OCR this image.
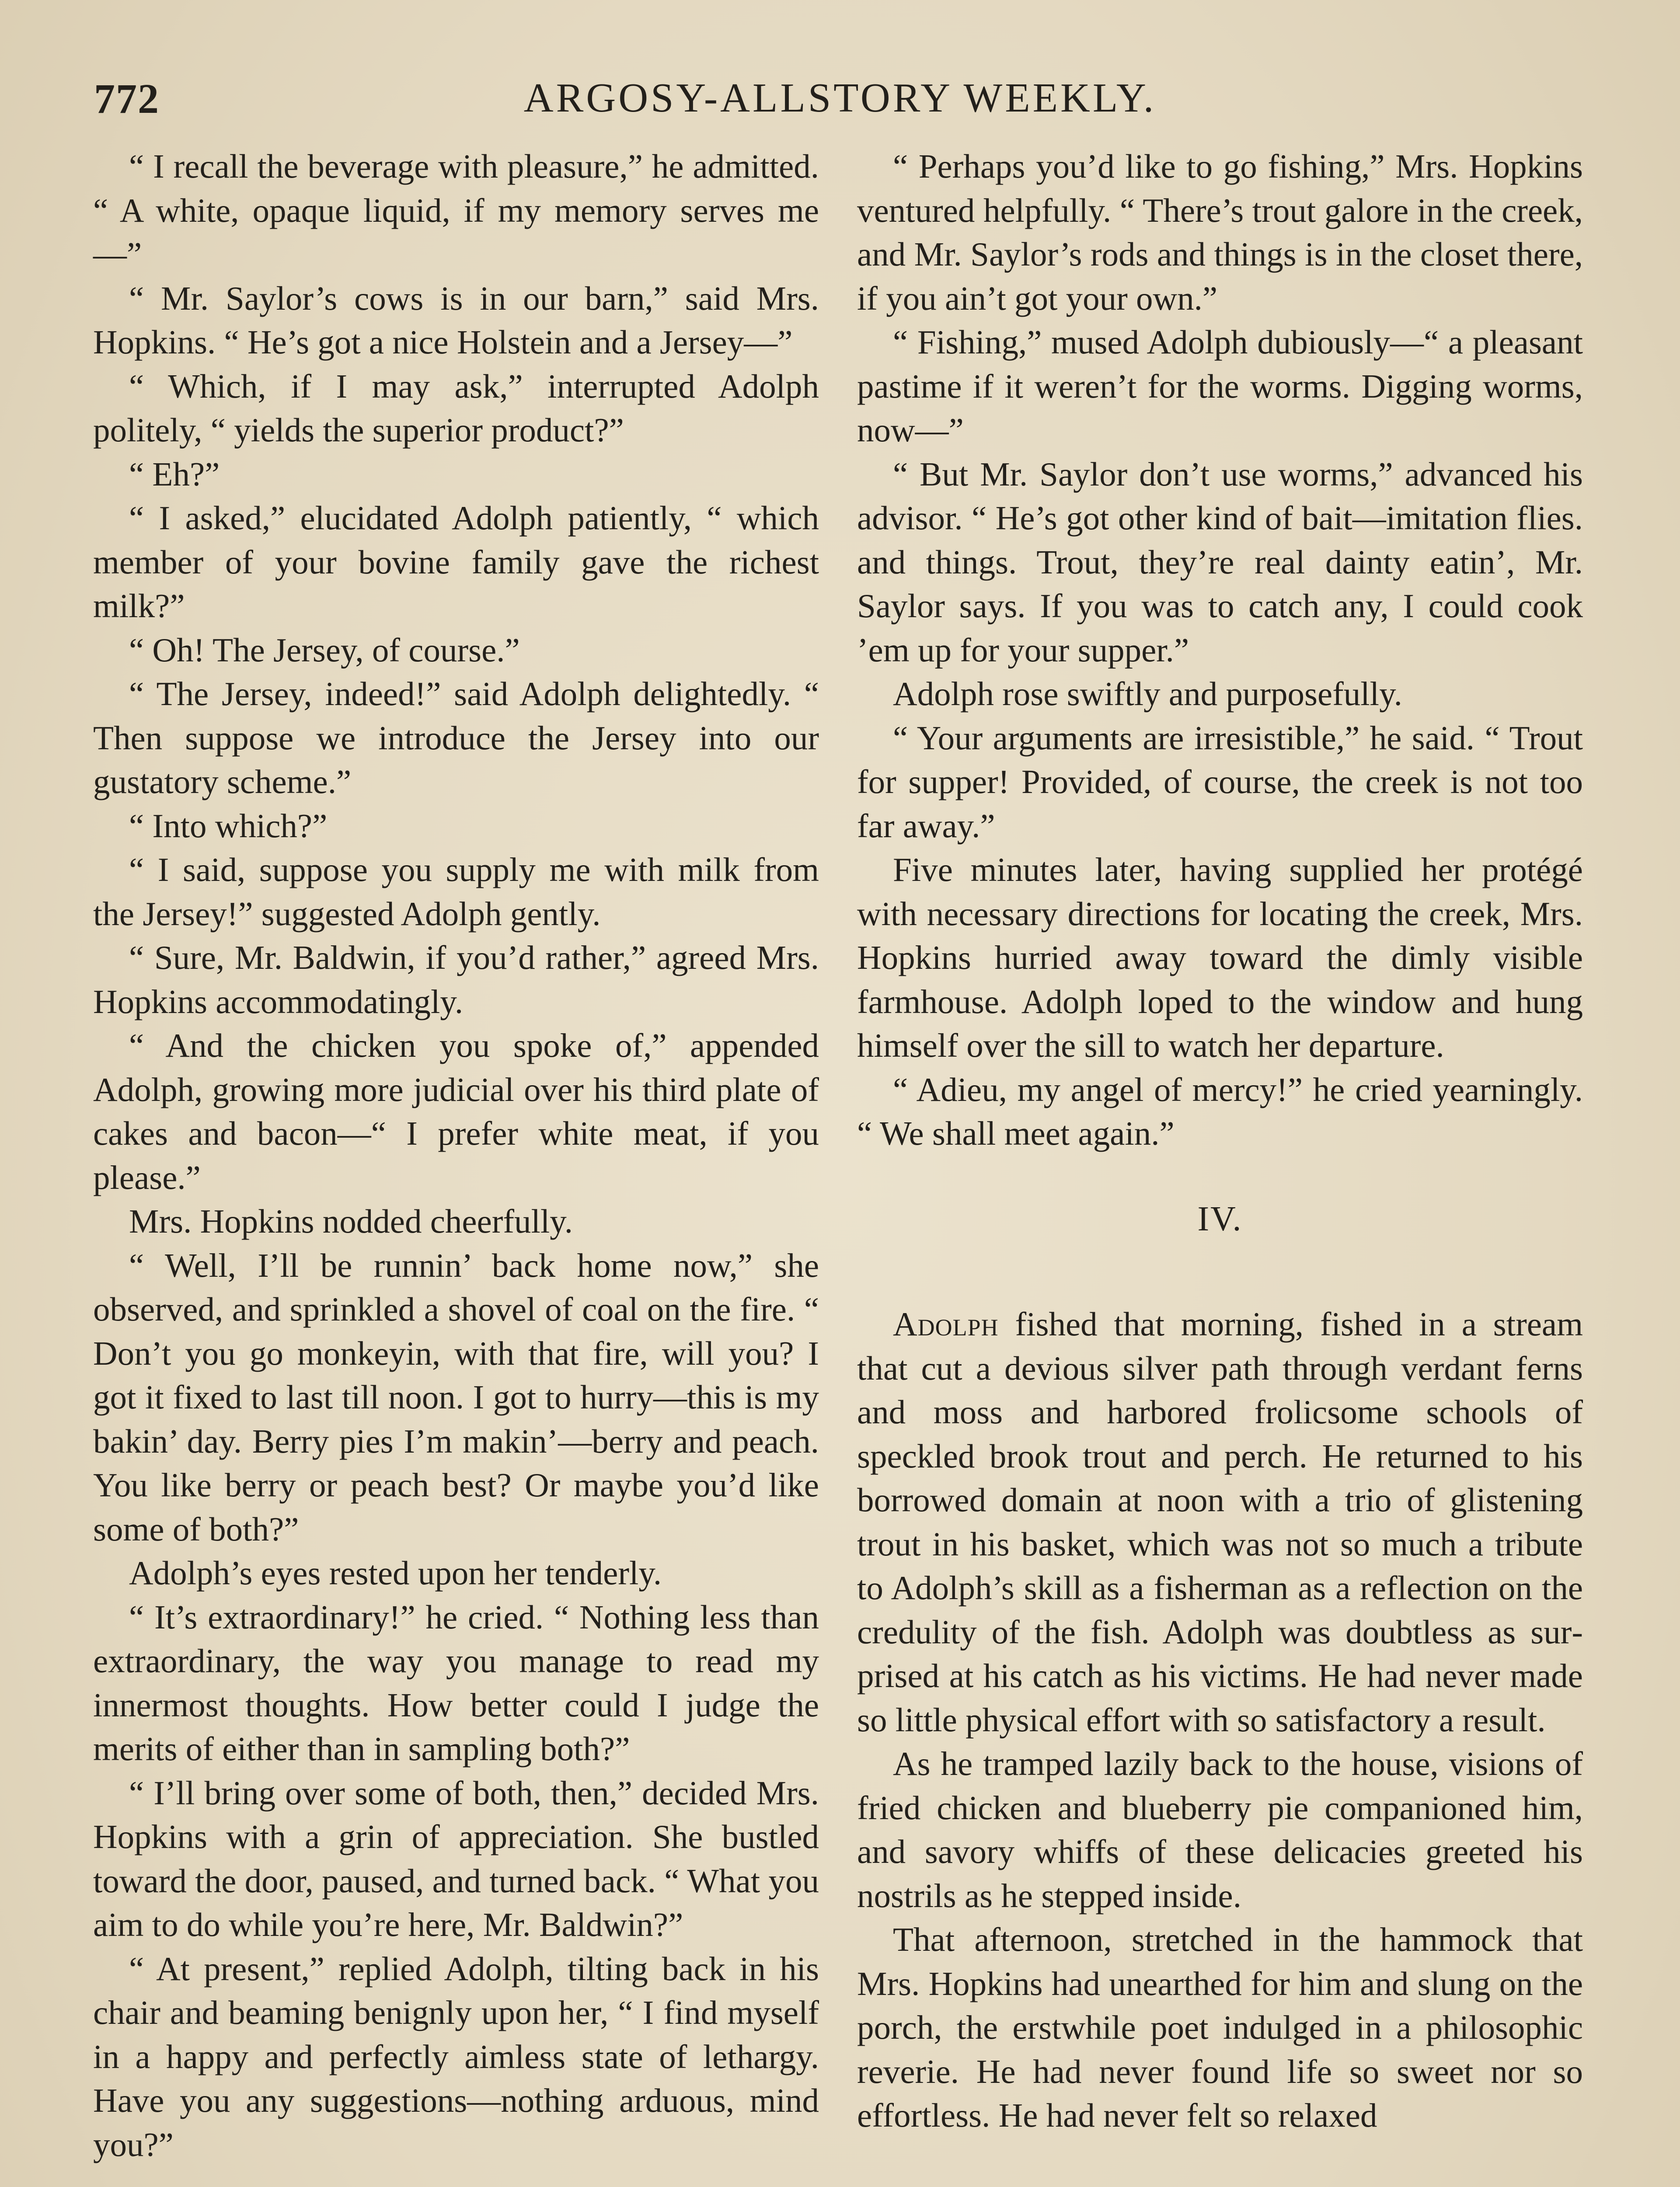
772	ARGOSY-ALLSTORY WEEKLY.

“ I recall the beverage with pleasure,” he admitted. “ A white, opaque liquid, if my memory serves me—”

“ Mr. Saylor’s cows is in our barn,” said Mrs. Hopkins. “ He’s got a nice Holstein and a Jersey—”

“ Which, if I may ask,” interrupted Adolph politely, “ yields the superior product?”

“ Eh?”

“ I asked,” elucidated Adolph patiently, “ which member of your bovine family gave the richest milk?”

“ Oh! The Jersey, of course.”

“ The Jersey, indeed!” said Adolph delightedly. “ Then suppose we introduce the Jersey into our gustatory scheme.”

“ Into which?”

“ I said, suppose you supply me with milk from the Jersey!” suggested Adolph gently.

“ Sure, Mr. Baldwin, if you’d rather,” agreed Mrs. Hopkins accommodatingly.

“ And the chicken you spoke of,” appended Adolph, growing more judicial over his third plate of cakes and bacon—“ I prefer white meat, if you please.”

Mrs. Hopkins nodded cheerfully.

“ Well, I’ll be runnin’ back home now,” she observed, and sprinkled a shovel of coal on the fire. “ Don’t you go monkeyin, with that fire, will you? I got it fixed to last till noon. I got to hurry—this is my bakin’ day. Berry pies I’m makin’—berry and peach. You like berry or peach best? Or maybe you’d like some of both?”

Adolph’s eyes rested upon her tenderly.

“ It’s extraordinary!” he cried. “ Nothing less than extraordinary, the way you manage to read my innermost thoughts. How better could I judge the merits of either than in sampling both?”

“ I’ll bring over some of both, then,” decided Mrs. Hopkins with a grin of appreciation. She bustled toward the door, paused, and turned back. “ What you aim to do while you’re here, Mr. Baldwin?”

“ At present,” replied Adolph, tilting back in his chair and beaming benignly upon her, “ I find myself in a happy and perfectly aimless state of lethargy. Have you any suggestions—nothing arduous, mind you?”

“ Perhaps you’d like to go fishing,” Mrs. Hopkins ventured helpfully. “ There’s trout galore in the creek, and Mr. Saylor’s rods and things is in the closet there, if you ain’t got your own.”

“ Fishing,” mused Adolph dubiously—“ a pleasant pastime if it weren’t for the worms. Digging worms, now—”

“ But Mr. Saylor don’t use worms,” advanced his advisor. “ He’s got other kind of bait—imitation flies. and things. Trout, they’re real dainty eatin’, Mr. Saylor says. If you was to catch any, I could cook ’em up for your supper.”

Adolph rose swiftly and purposefully.

“ Your arguments are irresistible,” he said. “ Trout for supper! Provided, of course, the creek is not too far away.”

Five minutes later, having supplied her protégé with necessary directions for locating the creek, Mrs. Hopkins hurried away toward the dimly visible farmhouse. Adolph loped to the window and hung himself over the sill to watch her departure.

“ Adieu, my angel of mercy!” he cried yearningly. “ We shall meet again.”

IV.

Adolph fished that morning, fished in a stream that cut a devious silver path through verdant ferns and moss and harbored frolicsome schools of speckled brook trout and perch. He returned to his borrowed domain at noon with a trio of glistening trout in his basket, which was not so much a tribute to Adolph’s skill as a fisherman as a reflection on the credulity of the fish. Adolph was doubtless as surprised at his catch as his victims. He had never made so little physical effort with so satisfactory a result.

As he tramped lazily back to the house, visions of fried chicken and blueberry pie companioned him, and savory whiffs of these delicacies greeted his nostrils as he stepped inside.

That afternoon, stretched in the hammock that Mrs. Hopkins had unearthed for him and slung on the porch, the erstwhile poet indulged in a philosophic reverie. He had never found life so sweet nor so effortless. He had never felt so relaxed
